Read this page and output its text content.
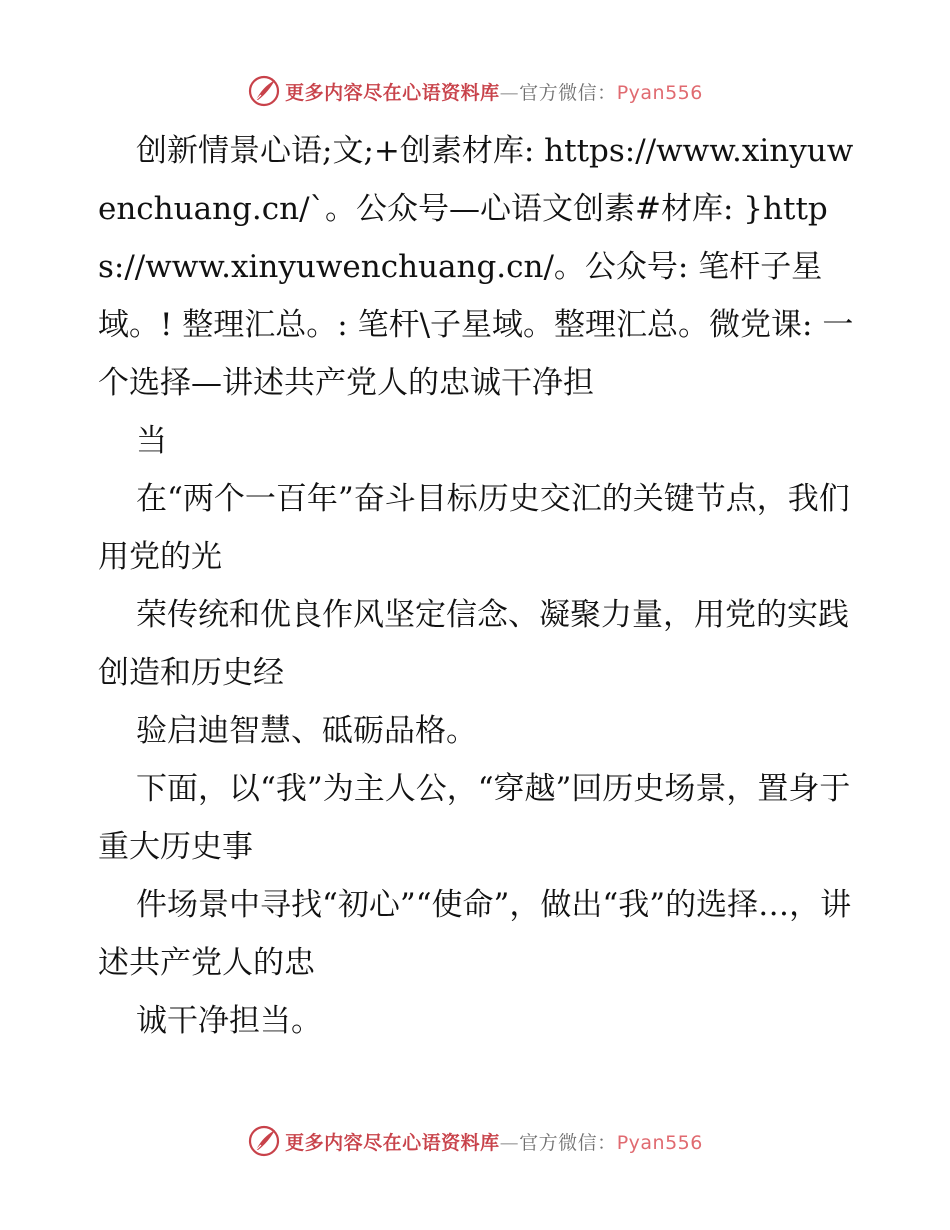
更多内容尽在心语资料库—官方微信：Pyan556

创新情景心语;文;+创素材库: https://www.xinyuwenchuang.cn/`。公众号—心语文创素#材库: }https://www.xinyuwenchuang.cn/。公众号: 笔杆子星域。! 整理汇总。: 笔杆\子星域。整理汇总。微党课: 一个选择—讲述共产党人的忠诚干净担

当

在“两个一百年”奋斗目标历史交汇的关键节点，我们用党的光

荣传统和优良作风坚定信念、凝聚力量，用党的实践创造和历史经

验启迪智慧、砥砺品格。

下面，以“我”为主人公，“穿越”回历史场景，置身于重大历史事

件场景中寻找“初心”“使命”，做出“我”的选择…，讲述共产党人的忠

诚干净担当。

更多内容尽在心语资料库—官方微信：Pyan556
